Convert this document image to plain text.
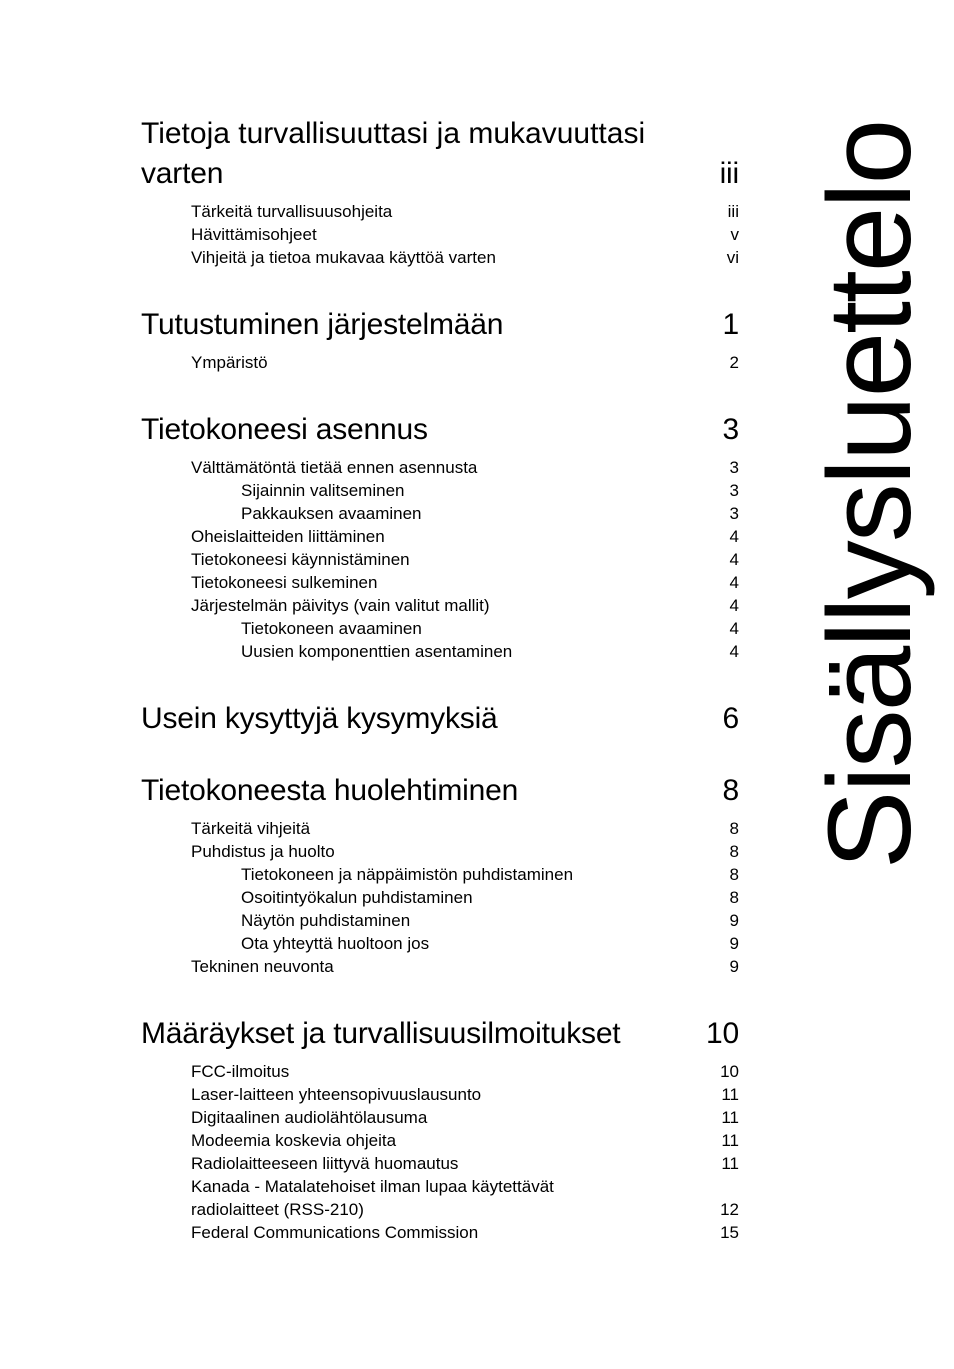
Tietoja turvallisuuttasi ja mukavuuttasi
varten	iii
Tärkeitä turvallisuusohjeita	iii
Hävittämisohjeet	v
Vihjeitä ja tietoa mukavaa käyttöä varten	vi
Tutustuminen järjestelmään	1
Ympäristö	2
Tietokoneesi asennus	3
Välttämätöntä tietää ennen asennusta	3
Sijainnin valitseminen	3
Pakkauksen avaaminen	3
Oheislaitteiden liittäminen	4
Tietokoneesi käynnistäminen	4
Tietokoneesi sulkeminen	4
Järjestelmän päivitys (vain valitut mallit)	4
Tietokoneen avaaminen	4
Uusien komponenttien asentaminen	4
Usein kysyttyjä kysymyksiä	6
Tietokoneesta huolehtiminen	8
Tärkeitä vihjeitä	8
Puhdistus ja huolto	8
Tietokoneen ja näppäimistön puhdistaminen	8
Osoitintyökalun puhdistaminen	8
Näytön puhdistaminen	9
Ota yhteyttä huoltoon jos	9
Tekninen neuvonta	9
Määräykset ja turvallisuusilmoitukset	10
FCC-ilmoitus	10
Laser-laitteen yhteensopivuuslausunto	11
Digitaalinen audiolähtölausuma	11
Modeemia koskevia ohjeita	11
Radiolaitteeseen liittyvä huomautus	11
Kanada - Matalatehoiset ilman lupaa käytettävät radiolaitteet (RSS-210)	12
Federal Communications Commission	15
Sisällysluettelo
